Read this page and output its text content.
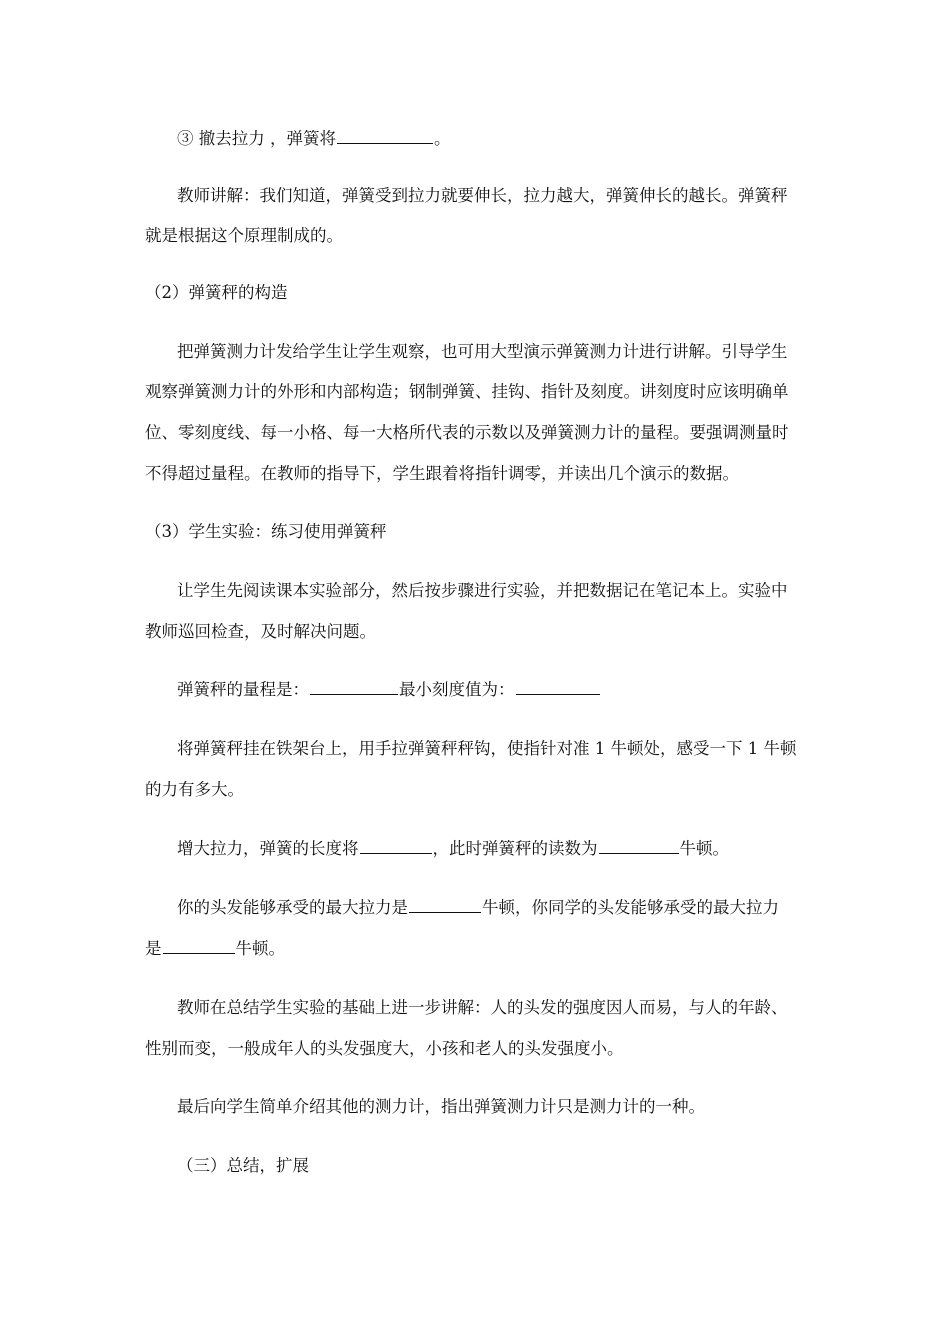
③ 撤去拉力 ，弹簧将	。
教师讲解：我们知道，弹簧受到拉力就要伸长，拉力越大，弹簧伸长的越长。弹簧秤
就是根据这个原理制成的。
（2）弹簧秤的构造
把弹簧测力计发给学生让学生观察，也可用大型演示弹簧测力计进行讲解。引导学生
观察弹簧测力计的外形和内部构造；钢制弹簧、挂钩、指针及刻度。讲刻度时应该明确单
位、零刻度线、每一小格、每一大格所代表的示数以及弹簧测力计的量程。要强调测量时
不得超过量程。在教师的指导下，学生跟着将指针调零，并读出几个演示的数据。
（3）学生实验：练习使用弹簧秤
让学生先阅读课本实验部分，然后按步骤进行实验，并把数据记在笔记本上。实验中
教师巡回检查，及时解决问题。
弹簧秤的量程是：	最小刻度值为：
将弹簧秤挂在铁架台上，用手拉弹簧秤秤钩，使指针对准 1 牛顿处，感受一下 1 牛顿
的力有多大。
增大拉力，弹簧的长度将	，此时弹簧秤的读数为	牛顿。
你的头发能够承受的最大拉力是	牛顿，你同学的头发能够承受的最大拉力
是	牛顿。
教师在总结学生实验的基础上进一步讲解：人的头发的强度因人而易，与人的年龄、
性别而变，一般成年人的头发强度大，小孩和老人的头发强度小。
最后向学生简单介绍其他的测力计，指出弹簧测力计只是测力计的一种。
（三）总结，扩展
